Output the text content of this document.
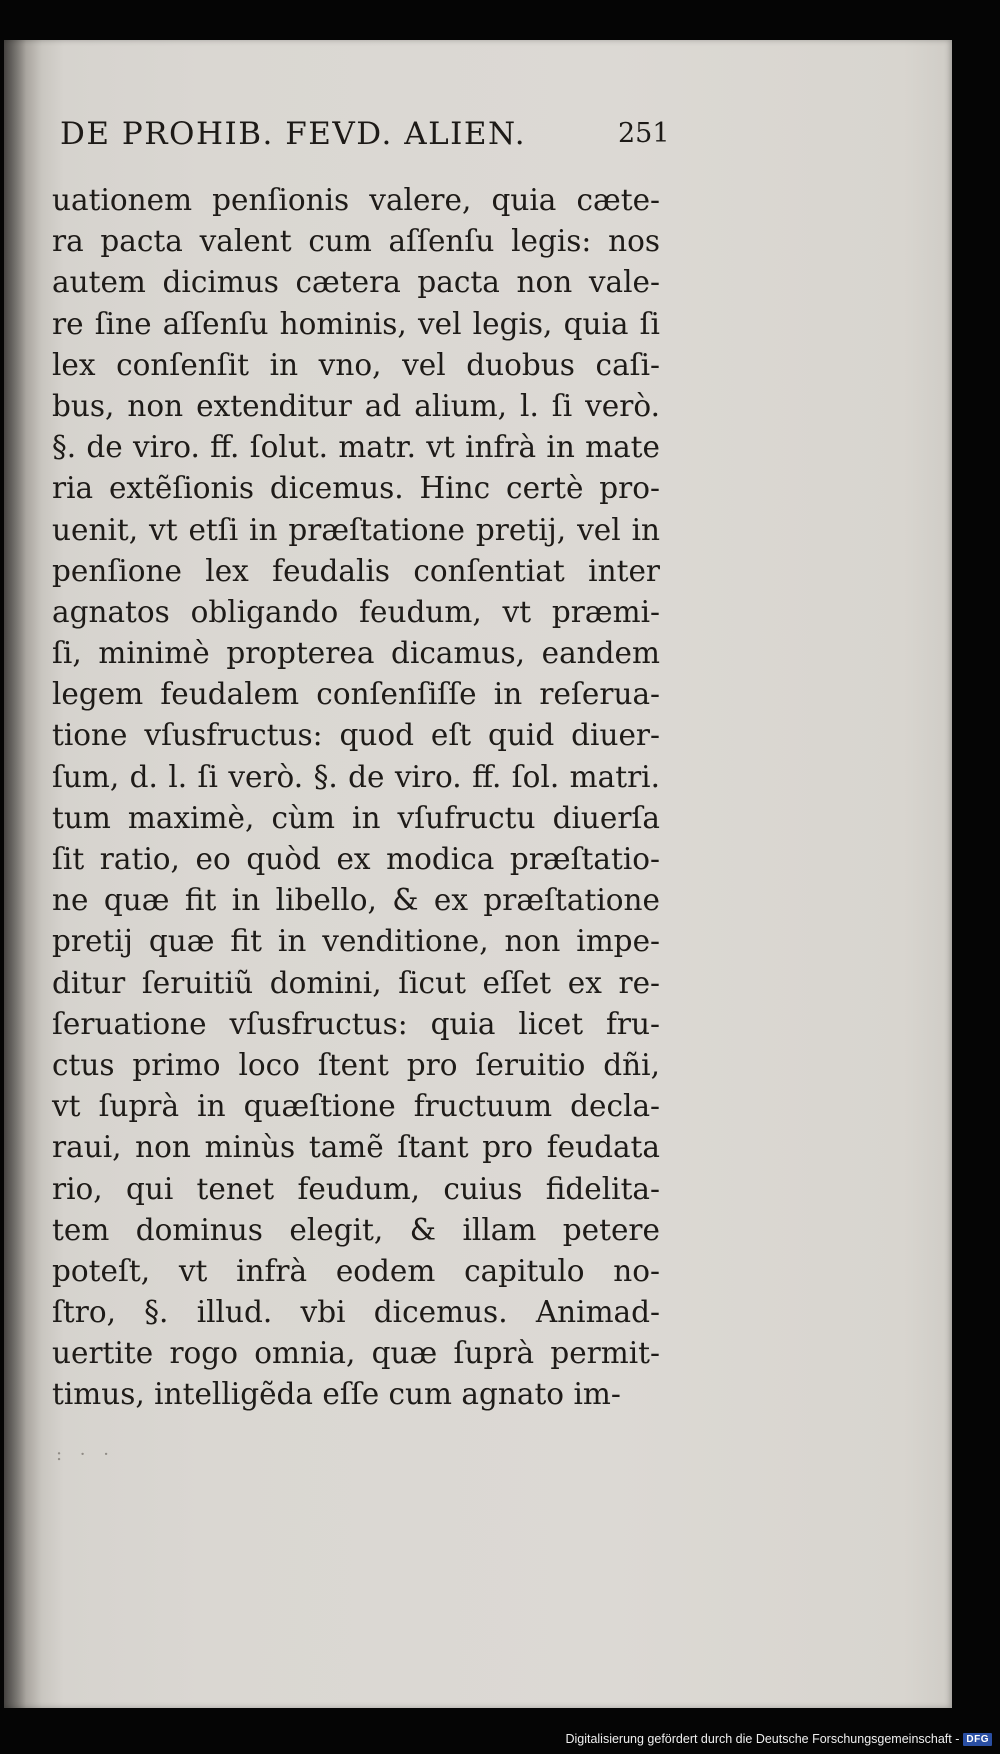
DE PROHIB. FEVD. ALIEN.	251
uationem penſionis valere, quia cæte-
ra pacta valent cum aſſenſu legis: nos
autem dicimus cætera pacta non vale-
re ſine aſſenſu hominis, vel legis, quia ſi
lex conſenſit in vno, vel duobus caſi-
bus, non extenditur ad alium, l. ſi verò.
§. de viro. ff. ſolut. matr. vt infrà in mate
ria extẽſionis dicemus. Hinc certè pro-
uenit, vt etſi in præſtatione pretij, vel in
penſione lex feudalis conſentiat inter
agnatos obligando feudum, vt præmi-
ſi, minimè propterea dicamus, eandem
legem feudalem conſenſiſſe in reſerua-
tione vſusfructus: quod eſt quid diuer-
ſum, d. l. ſi verò. §. de viro. ff. ſol. matri.
tum maximè, cùm in vſufructu diuerſa
ſit ratio, eo quòd ex modica præſtatio-
ne quæ fit in libello, & ex præſtatione
pretij quæ fit in venditione, non impe-
ditur ſeruitiũ domini, ſicut eſſet ex re-
ſeruatione vſusfructus: quia licet fru-
ctus primo loco ſtent pro ſeruitio dñi,
vt ſuprà in quæſtione fructuum decla-
raui, non minùs tamẽ ſtant pro feudata
rio, qui tenet feudum, cuius fidelita-
tem dominus elegit, & illam petere
poteſt, vt infrà eodem capitulo no-
ſtro, §. illud. vbi dicemus. Animad-
uertite rogo omnia, quæ ſuprà permit-
timus, intelligẽda eſſe cum agnato im-
: · ·
Digitalisierung gefördert durch die Deutsche Forschungsgemeinschaft - DFG
